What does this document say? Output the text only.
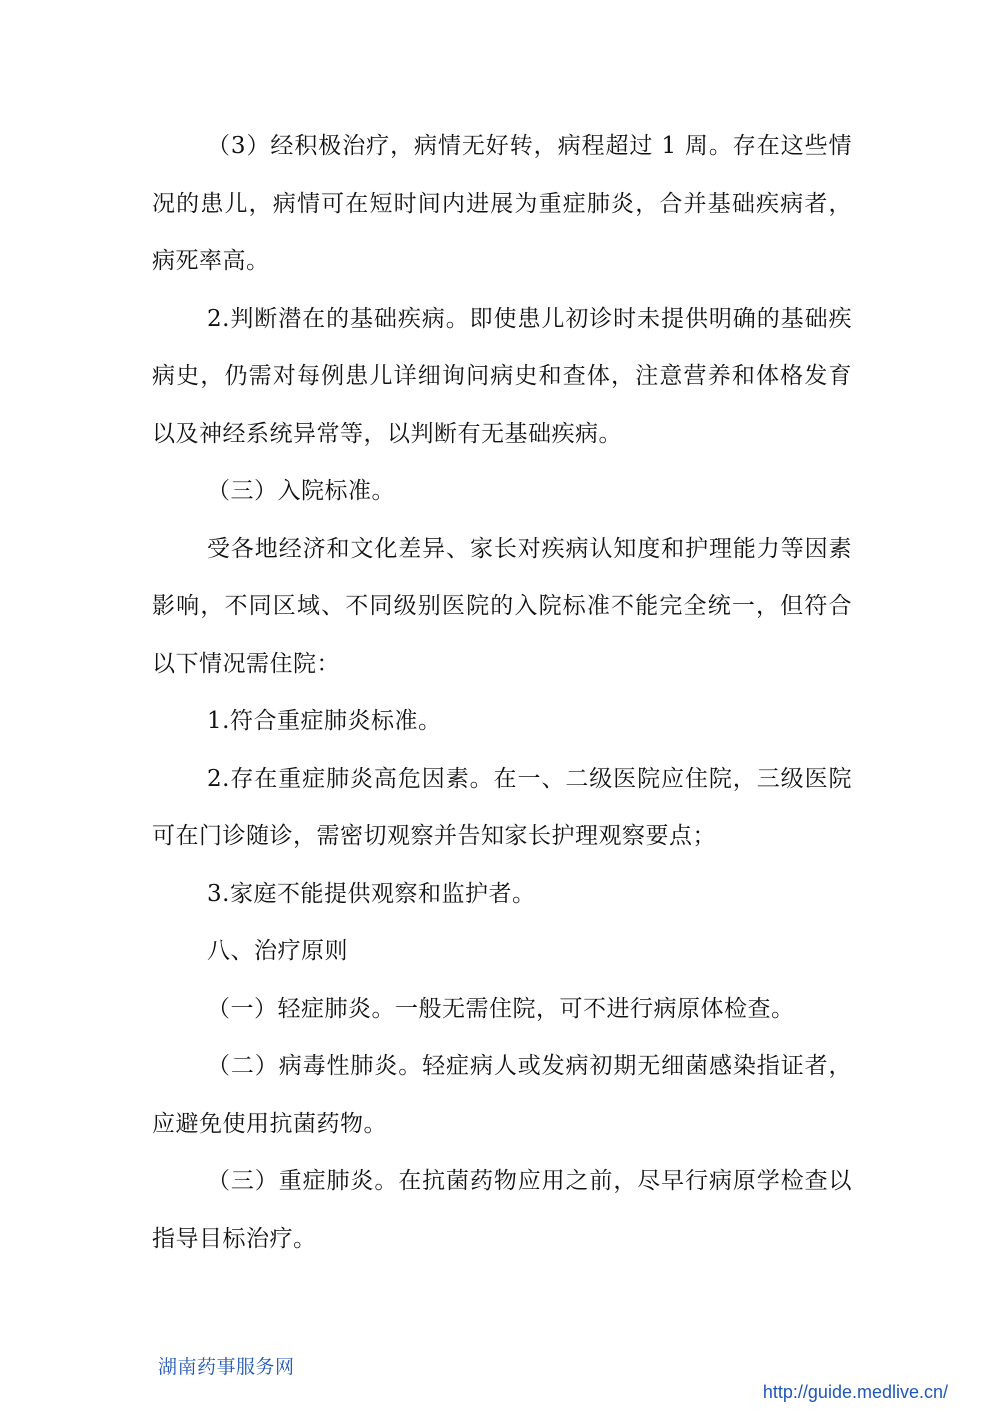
（3）经积极治疗，病情无好转，病程超过 1 周。存在这些情况的患儿，病情可在短时间内进展为重症肺炎，合并基础疾病者，病死率高。

2.判断潜在的基础疾病。即使患儿初诊时未提供明确的基础疾病史，仍需对每例患儿详细询问病史和查体，注意营养和体格发育以及神经系统异常等，以判断有无基础疾病。

（三）入院标准。

受各地经济和文化差异、家长对疾病认知度和护理能力等因素影响，不同区域、不同级别医院的入院标准不能完全统一，但符合以下情况需住院：

1.符合重症肺炎标准。

2.存在重症肺炎高危因素。在一、二级医院应住院，三级医院可在门诊随诊，需密切观察并告知家长护理观察要点；

3.家庭不能提供观察和监护者。

八、治疗原则

（一）轻症肺炎。一般无需住院，可不进行病原体检查。

（二）病毒性肺炎。轻症病人或发病初期无细菌感染指证者，应避免使用抗菌药物。

（三）重症肺炎。在抗菌药物应用之前，尽早行病原学检查以指导目标治疗。

湖南药事服务网
http://guide.medlive.cn/
